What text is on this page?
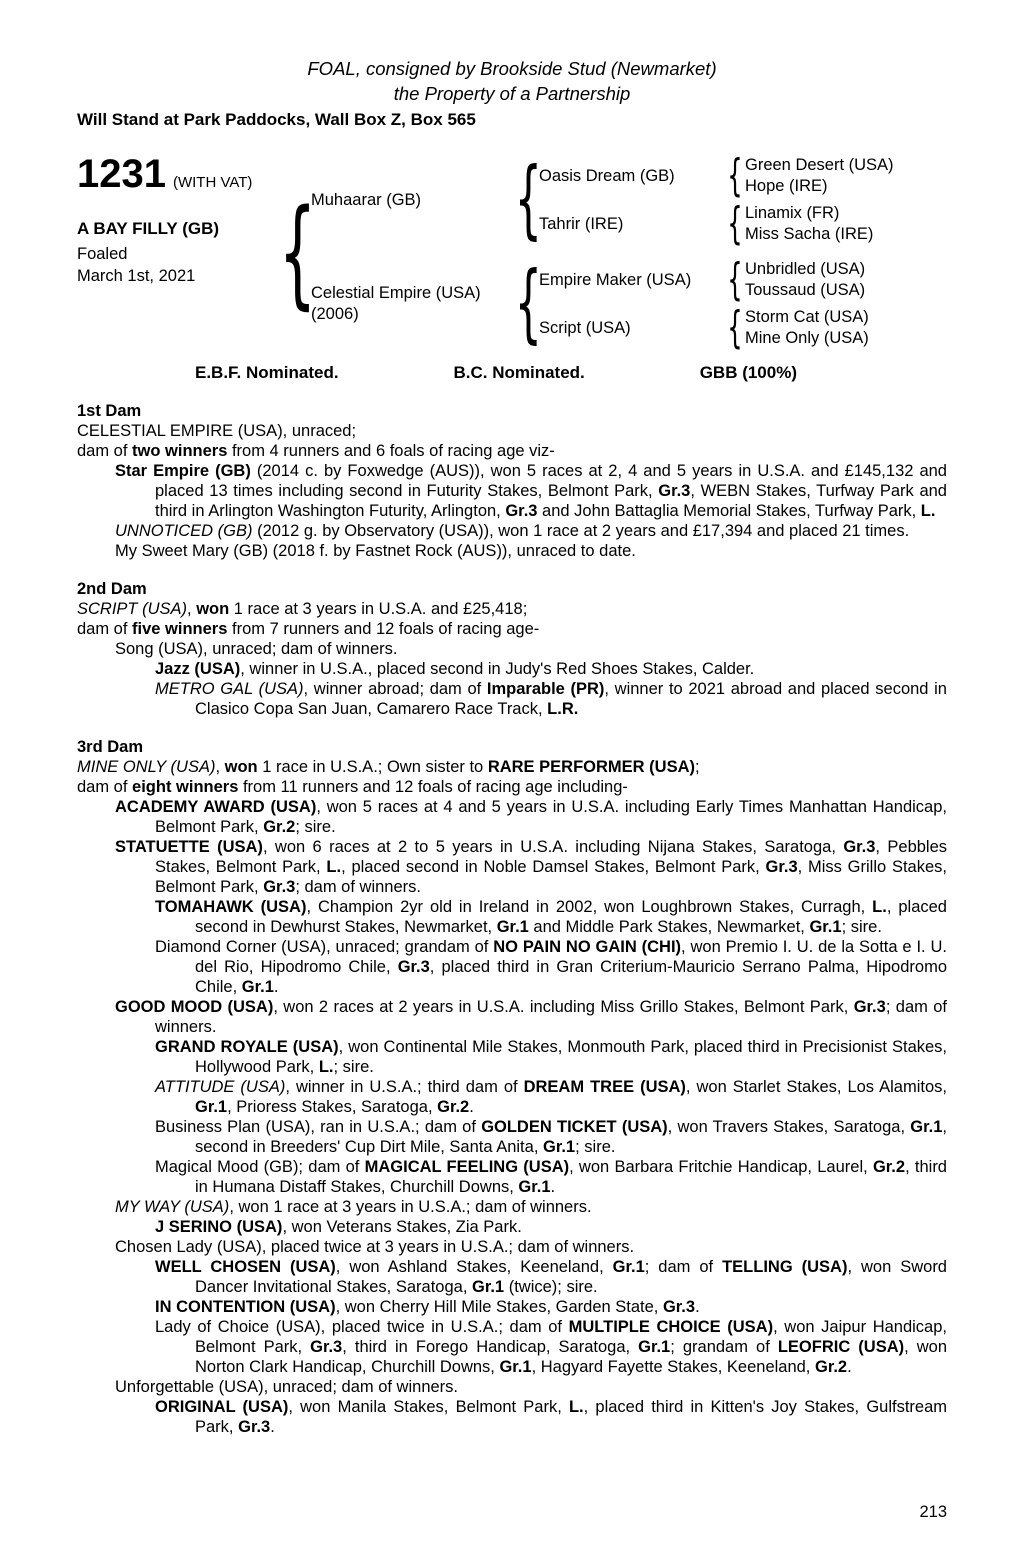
FOAL, consigned by Brookside Stud (Newmarket)
the Property of a Partnership
Will Stand at Park Paddocks, Wall Box Z, Box 565
1231 (WITH VAT)
A BAY FILLY (GB)
Foaled
March 1st, 2021
{
Muhaarar (GB)
{
Oasis Dream (GB)
{
Green Desert (USA)
Hope (IRE)
Tahrir (IRE)
{
Linamix (FR)
Miss Sacha (IRE)
Celestial Empire (USA)
(2006)
{
Empire Maker (USA)
{
Unbridled (USA)
Toussaud (USA)
Script (USA)
{
Storm Cat (USA)
Mine Only (USA)
E.B.F. Nominated.	B.C. Nominated.	GBB (100%)
1st Dam

CELESTIAL EMPIRE (USA), unraced;

dam of two winners from 4 runners and 6 foals of racing age viz-

Star Empire (GB) (2014 c. by Foxwedge (AUS)), won 5 races at 2, 4 and 5 years in U.S.A. and £145,132 and placed 13 times including second in Futurity Stakes, Belmont Park, Gr.3, WEBN Stakes, Turfway Park and third in Arlington Washington Futurity, Arlington, Gr.3 and John Battaglia Memorial Stakes, Turfway Park, L.

UNNOTICED (GB) (2012 g. by Observatory (USA)), won 1 race at 2 years and £17,394 and placed 21 times.

My Sweet Mary (GB) (2018 f. by Fastnet Rock (AUS)), unraced to date.

2nd Dam

SCRIPT (USA), won 1 race at 3 years in U.S.A. and £25,418;

dam of five winners from 7 runners and 12 foals of racing age-

Song (USA), unraced; dam of winners.

Jazz (USA), winner in U.S.A., placed second in Judy's Red Shoes Stakes, Calder.

METRO GAL (USA), winner abroad; dam of Imparable (PR), winner to 2021 abroad and placed second in Clasico Copa San Juan, Camarero Race Track, L.R.

3rd Dam

MINE ONLY (USA), won 1 race in U.S.A.; Own sister to RARE PERFORMER (USA);

dam of eight winners from 11 runners and 12 foals of racing age including-

ACADEMY AWARD (USA), won 5 races at 4 and 5 years in U.S.A. including Early Times Manhattan Handicap, Belmont Park, Gr.2; sire.

STATUETTE (USA), won 6 races at 2 to 5 years in U.S.A. including Nijana Stakes, Saratoga, Gr.3, Pebbles Stakes, Belmont Park, L., placed second in Noble Damsel Stakes, Belmont Park, Gr.3, Miss Grillo Stakes, Belmont Park, Gr.3; dam of winners.

TOMAHAWK (USA), Champion 2yr old in Ireland in 2002, won Loughbrown Stakes, Curragh, L., placed second in Dewhurst Stakes, Newmarket, Gr.1 and Middle Park Stakes, Newmarket, Gr.1; sire.

Diamond Corner (USA), unraced; grandam of NO PAIN NO GAIN (CHI), won Premio I. U. de la Sotta e I. U. del Rio, Hipodromo Chile, Gr.3, placed third in Gran Criterium-Mauricio Serrano Palma, Hipodromo Chile, Gr.1.

GOOD MOOD (USA), won 2 races at 2 years in U.S.A. including Miss Grillo Stakes, Belmont Park, Gr.3; dam of winners.

GRAND ROYALE (USA), won Continental Mile Stakes, Monmouth Park, placed third in Precisionist Stakes, Hollywood Park, L.; sire.

ATTITUDE (USA), winner in U.S.A.; third dam of DREAM TREE (USA), won Starlet Stakes, Los Alamitos, Gr.1, Prioress Stakes, Saratoga, Gr.2.

Business Plan (USA), ran in U.S.A.; dam of GOLDEN TICKET (USA), won Travers Stakes, Saratoga, Gr.1, second in Breeders' Cup Dirt Mile, Santa Anita, Gr.1; sire.

Magical Mood (GB); dam of MAGICAL FEELING (USA), won Barbara Fritchie Handicap, Laurel, Gr.2, third in Humana Distaff Stakes, Churchill Downs, Gr.1.

MY WAY (USA), won 1 race at 3 years in U.S.A.; dam of winners.

J SERINO (USA), won Veterans Stakes, Zia Park.

Chosen Lady (USA), placed twice at 3 years in U.S.A.; dam of winners.

WELL CHOSEN (USA), won Ashland Stakes, Keeneland, Gr.1; dam of TELLING (USA), won Sword Dancer Invitational Stakes, Saratoga, Gr.1 (twice); sire.

IN CONTENTION (USA), won Cherry Hill Mile Stakes, Garden State, Gr.3.

Lady of Choice (USA), placed twice in U.S.A.; dam of MULTIPLE CHOICE (USA), won Jaipur Handicap, Belmont Park, Gr.3, third in Forego Handicap, Saratoga, Gr.1; grandam of LEOFRIC (USA), won Norton Clark Handicap, Churchill Downs, Gr.1, Hagyard Fayette Stakes, Keeneland, Gr.2.

Unforgettable (USA), unraced; dam of winners.

ORIGINAL (USA), won Manila Stakes, Belmont Park, L., placed third in Kitten's Joy Stakes, Gulfstream Park, Gr.3.

213
